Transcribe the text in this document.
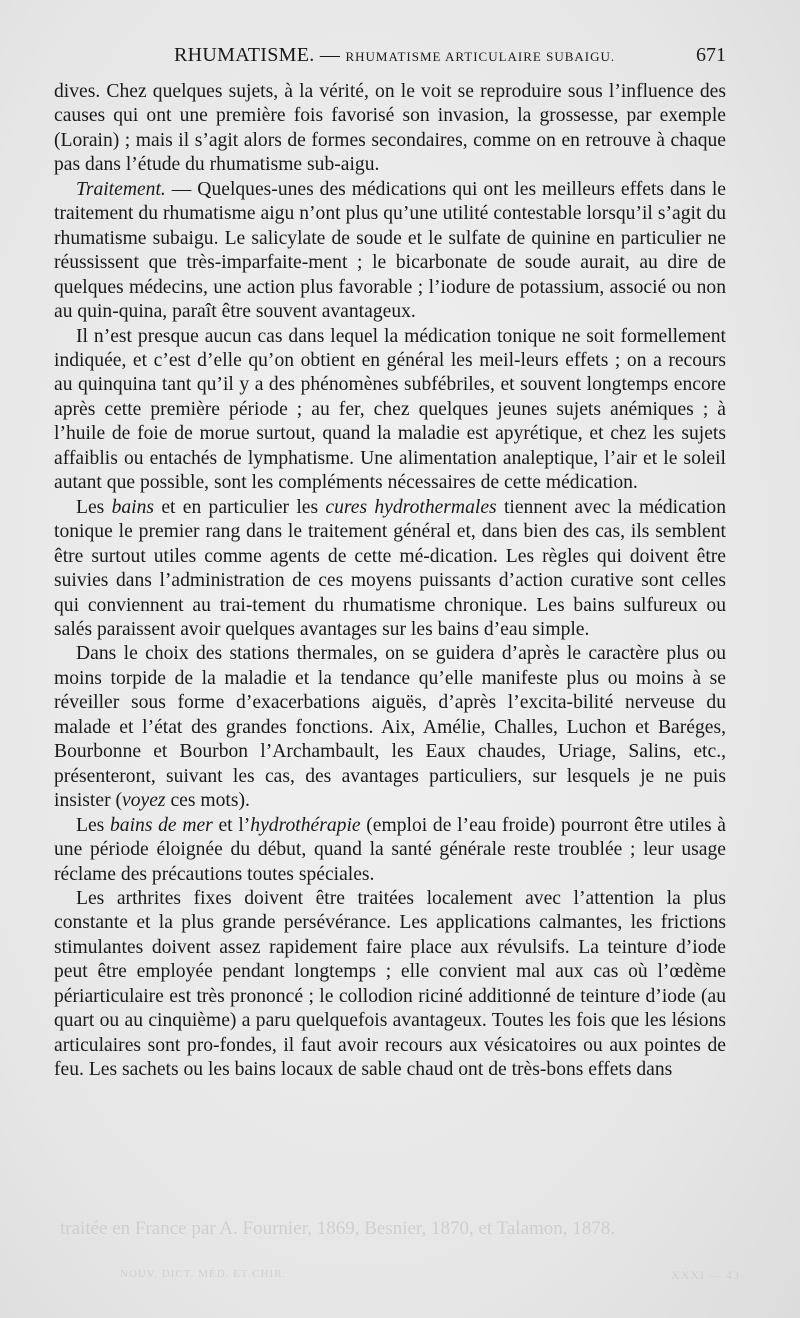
RHUMATISME. — RHUMATISME ARTICULAIRE SUBAIGU.	671

dives. Chez quelques sujets, à la vérité, on le voit se reproduire sous l’influence des causes qui ont une première fois favorisé son invasion, la grossesse, par exemple (Lorain) ; mais il s’agit alors de formes secondaires, comme on en retrouve à chaque pas dans l’étude du rhumatisme sub-aigu.

Traitement. — Quelques-unes des médications qui ont les meilleurs effets dans le traitement du rhumatisme aigu n’ont plus qu’une utilité contestable lorsqu’il s’agit du rhumatisme subaigu. Le salicylate de soude et le sulfate de quinine en particulier ne réussissent que très-imparfaite-ment ; le bicarbonate de soude aurait, au dire de quelques médecins, une action plus favorable ; l’iodure de potassium, associé ou non au quin-quina, paraît être souvent avantageux.

Il n’est presque aucun cas dans lequel la médication tonique ne soit formellement indiquée, et c’est d’elle qu’on obtient en général les meil-leurs effets ; on a recours au quinquina tant qu’il y a des phénomènes subfébriles, et souvent longtemps encore après cette première période ; au fer, chez quelques jeunes sujets anémiques ; à l’huile de foie de morue surtout, quand la maladie est apyrétique, et chez les sujets affaiblis ou entachés de lymphatisme. Une alimentation analeptique, l’air et le soleil autant que possible, sont les compléments nécessaires de cette médication.

Les bains et en particulier les cures hydrothermales tiennent avec la médication tonique le premier rang dans le traitement général et, dans bien des cas, ils semblent être surtout utiles comme agents de cette mé-dication. Les règles qui doivent être suivies dans l’administration de ces moyens puissants d’action curative sont celles qui conviennent au trai-tement du rhumatisme chronique. Les bains sulfureux ou salés paraissent avoir quelques avantages sur les bains d’eau simple.

Dans le choix des stations thermales, on se guidera d’après le caractère plus ou moins torpide de la maladie et la tendance qu’elle manifeste plus ou moins à se réveiller sous forme d’exacerbations aiguës, d’après l’excita-bilité nerveuse du malade et l’état des grandes fonctions. Aix, Amélie, Challes, Luchon et Baréges, Bourbonne et Bourbon l’Archambault, les Eaux chaudes, Uriage, Salins, etc., présenteront, suivant les cas, des avantages particuliers, sur lesquels je ne puis insister (voyez ces mots).

Les bains de mer et l’hydrothérapie (emploi de l’eau froide) pourront être utiles à une période éloignée du début, quand la santé générale reste troublée ; leur usage réclame des précautions toutes spéciales.

Les arthrites fixes doivent être traitées localement avec l’attention la plus constante et la plus grande persévérance. Les applications calmantes, les frictions stimulantes doivent assez rapidement faire place aux révulsifs. La teinture d’iode peut être employée pendant longtemps ; elle convient mal aux cas où l’œdème périarticulaire est très prononcé ; le collodion riciné additionné de teinture d’iode (au quart ou au cinquième) a paru quelquefois avantageux. Toutes les fois que les lésions articulaires sont pro-fondes, il faut avoir recours aux vésicatoires ou aux pointes de feu. Les sachets ou les bains locaux de sable chaud ont de très-bons effets dans

traitée en France par A. Fournier, 1869, Besnier, 1870, et Talamon, 1878.
NOUV. DICT. MÉD. ET CHIR.	XXXI — 43
